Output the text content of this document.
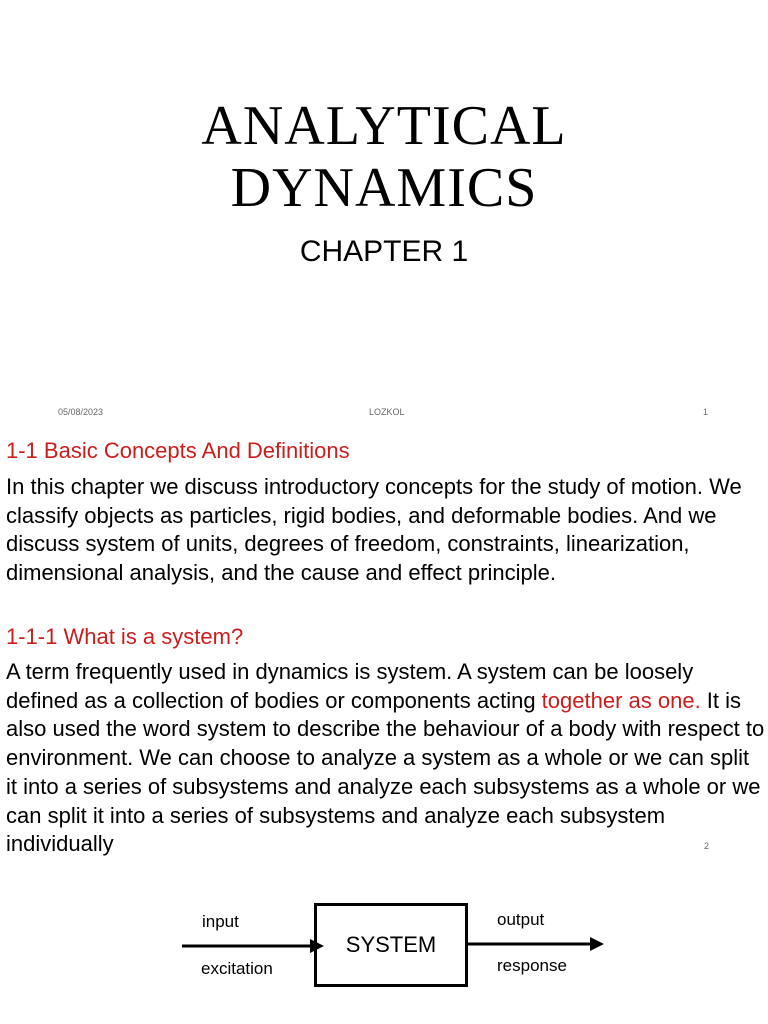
ANALYTICAL
DYNAMICS
CHAPTER 1
05/08/2023	LOZKOL	1
1-1 Basic Concepts And Definitions

In this chapter we discuss introductory concepts for the study of motion. We classify objects as particles, rigid bodies, and deformable bodies. And we discuss system of units, degrees of freedom, constraints, linearization, dimensional analysis, and the cause and effect principle.

1-1-1 What is a system?

A term frequently used in dynamics is system. A system can be loosely defined as a collection of bodies or components acting together as one. It is also used the word system to describe the behaviour of a body with respect to environment. We can choose to analyze a system as a whole or we can split it into a series of subsystems and analyze each subsystems as a whole or we can split it into a series of subsystems and analyze each subsystem individually	2
input
excitation
SYSTEM
output
response
